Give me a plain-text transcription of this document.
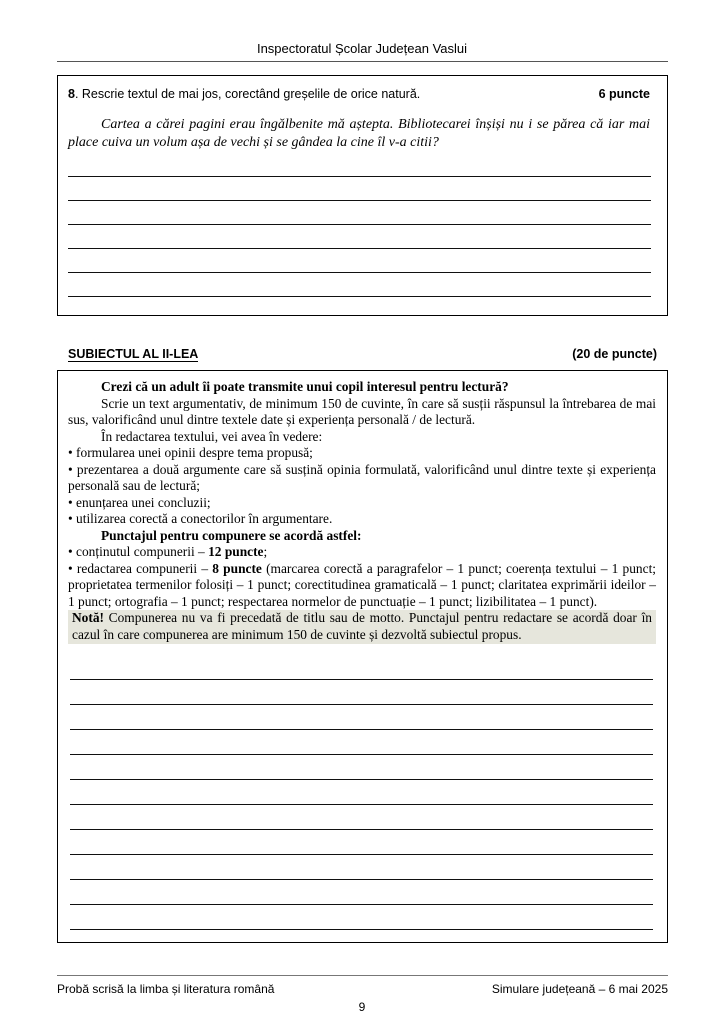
Inspectoratul Școlar Județean Vaslui
8. Rescrie textul de mai jos, corectând greșelile de orice natură.	6 puncte
Cartea a cărei pagini erau îngălbenite mă aștepta. Bibliotecarei înșiși nu i se părea că iar mai place cuiva un volum așa de vechi și se gândea la cine îl v-a citii?
SUBIECTUL AL II-LEA	(20 de puncte)

Crezi că un adult îi poate transmite unui copil interesul pentru lectură?

Scrie un text argumentativ, de minimum 150 de cuvinte, în care să susții răspunsul la întrebarea de mai sus, valorificând unul dintre textele date și experiența personală / de lectură.

În redactarea textului, vei avea în vedere:

• formularea unei opinii despre tema propusă;

• prezentarea a două argumente care să susțină opinia formulată, valorificând unul dintre texte și experiența personală sau de lectură;

• enunțarea unei concluzii;

• utilizarea corectă a conectorilor în argumentare.

Punctajul pentru compunere se acordă astfel:

• conținutul compunerii – 12 puncte;

• redactarea compunerii – 8 puncte (marcarea corectă a paragrafelor – 1 punct; coerența textului – 1 punct; proprietatea termenilor folosiți – 1 punct; corectitudinea gramaticală – 1 punct; claritatea exprimării ideilor – 1 punct; ortografia – 1 punct; respectarea normelor de punctuație – 1 punct; lizibilitatea – 1 punct).

Notă! Compunerea nu va fi precedată de titlu sau de motto. Punctajul pentru redactare se acordă doar în cazul în care compunerea are minimum 150 de cuvinte și dezvoltă subiectul propus.

Probă scrisă la limba și literatura română	Simulare județeană – 6 mai 2025
9
